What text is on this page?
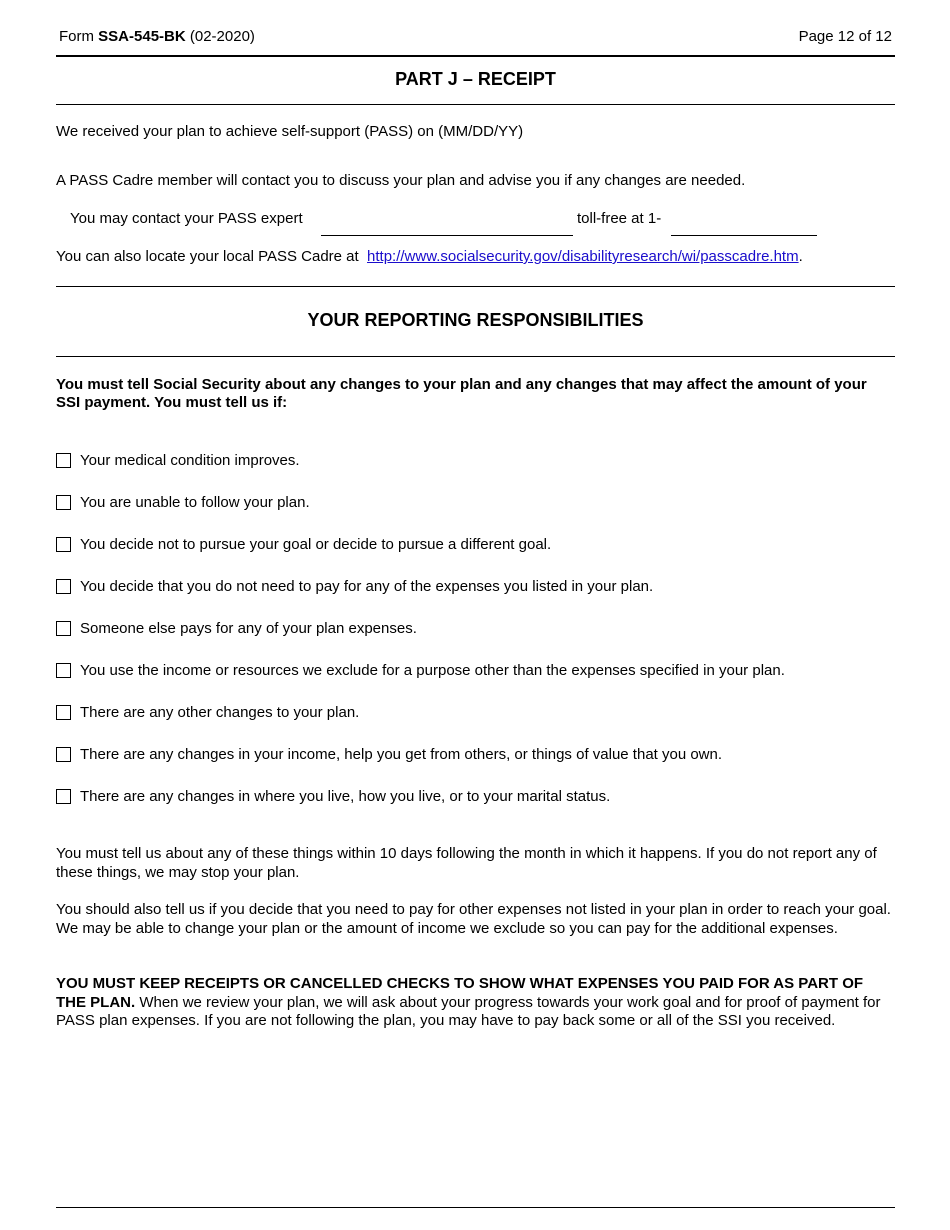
Form SSA-545-BK (02-2020)	Page 12 of 12
PART J – RECEIPT
We received your plan to achieve self-support (PASS) on (MM/DD/YY)
A PASS Cadre member will contact you to discuss your plan and advise you if any changes are needed.
You may contact your PASS expert	toll-free at 1-
You can also locate your local PASS Cadre at http://www.socialsecurity.gov/disabilityresearch/wi/passcadre.htm.
YOUR REPORTING RESPONSIBILITIES
You must tell Social Security about any changes to your plan and any changes that may affect the amount of your SSI payment. You must tell us if:
Your medical condition improves.
You are unable to follow your plan.
You decide not to pursue your goal or decide to pursue a different goal.
You decide that you do not need to pay for any of the expenses you listed in your plan.
Someone else pays for any of your plan expenses.
You use the income or resources we exclude for a purpose other than the expenses specified in your plan.
There are any other changes to your plan.
There are any changes in your income, help you get from others, or things of value that you own.
There are any changes in where you live, how you live, or to your marital status.
You must tell us about any of these things within 10 days following the month in which it happens. If you do not report any of these things, we may stop your plan.
You should also tell us if you decide that you need to pay for other expenses not listed in your plan in order to reach your goal. We may be able to change your plan or the amount of income we exclude so you can pay for the additional expenses.
YOU MUST KEEP RECEIPTS OR CANCELLED CHECKS TO SHOW WHAT EXPENSES YOU PAID FOR AS PART OF THE PLAN. When we review your plan, we will ask about your progress towards your work goal and for proof of payment for PASS plan expenses. If you are not following the plan, you may have to pay back some or all of the SSI you received.
